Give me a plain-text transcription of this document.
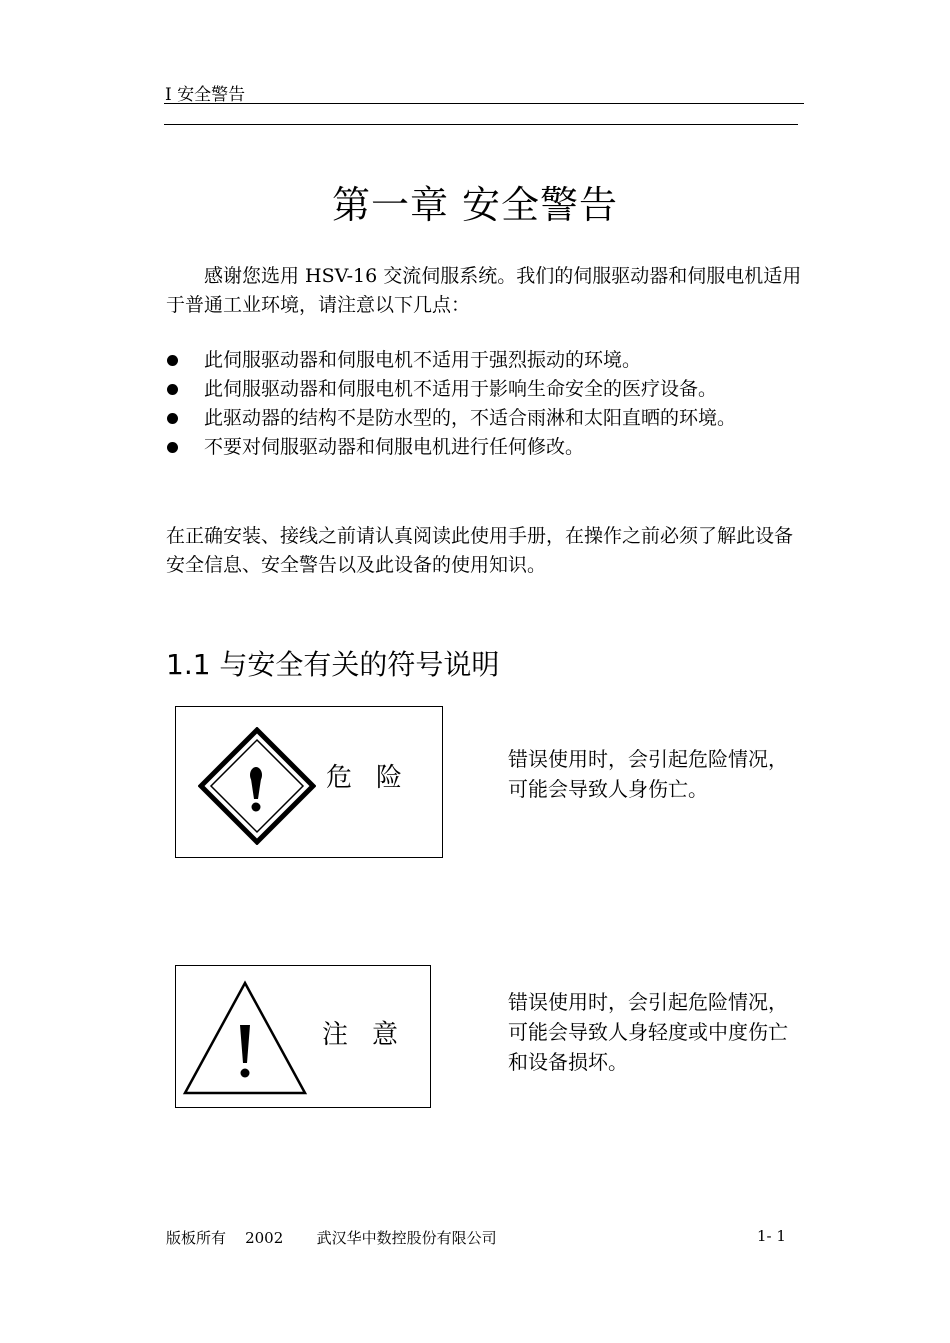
I 安全警告
第一章 安全警告
感谢您选用 HSV-16 交流伺服系统。我们的伺服驱动器和伺服电机适用于普通工业环境，请注意以下几点：
此伺服驱动器和伺服电机不适用于强烈振动的环境。
此伺服驱动器和伺服电机不适用于影响生命安全的医疗设备。
此驱动器的结构不是防水型的，不适合雨淋和太阳直晒的环境。
不要对伺服驱动器和伺服电机进行任何修改。
在正确安装、接线之前请认真阅读此使用手册，在操作之前必须了解此设备安全信息、安全警告以及此设备的使用知识。
1.1 与安全有关的符号说明
危险
错误使用时，会引起危险情况，
可能会导致人身伤亡。
注意
错误使用时，会引起危险情况，
可能会导致人身轻度或中度伤亡
和设备损坏。
版板所有    2002       武汉华中数控股份有限公司	1- 1
